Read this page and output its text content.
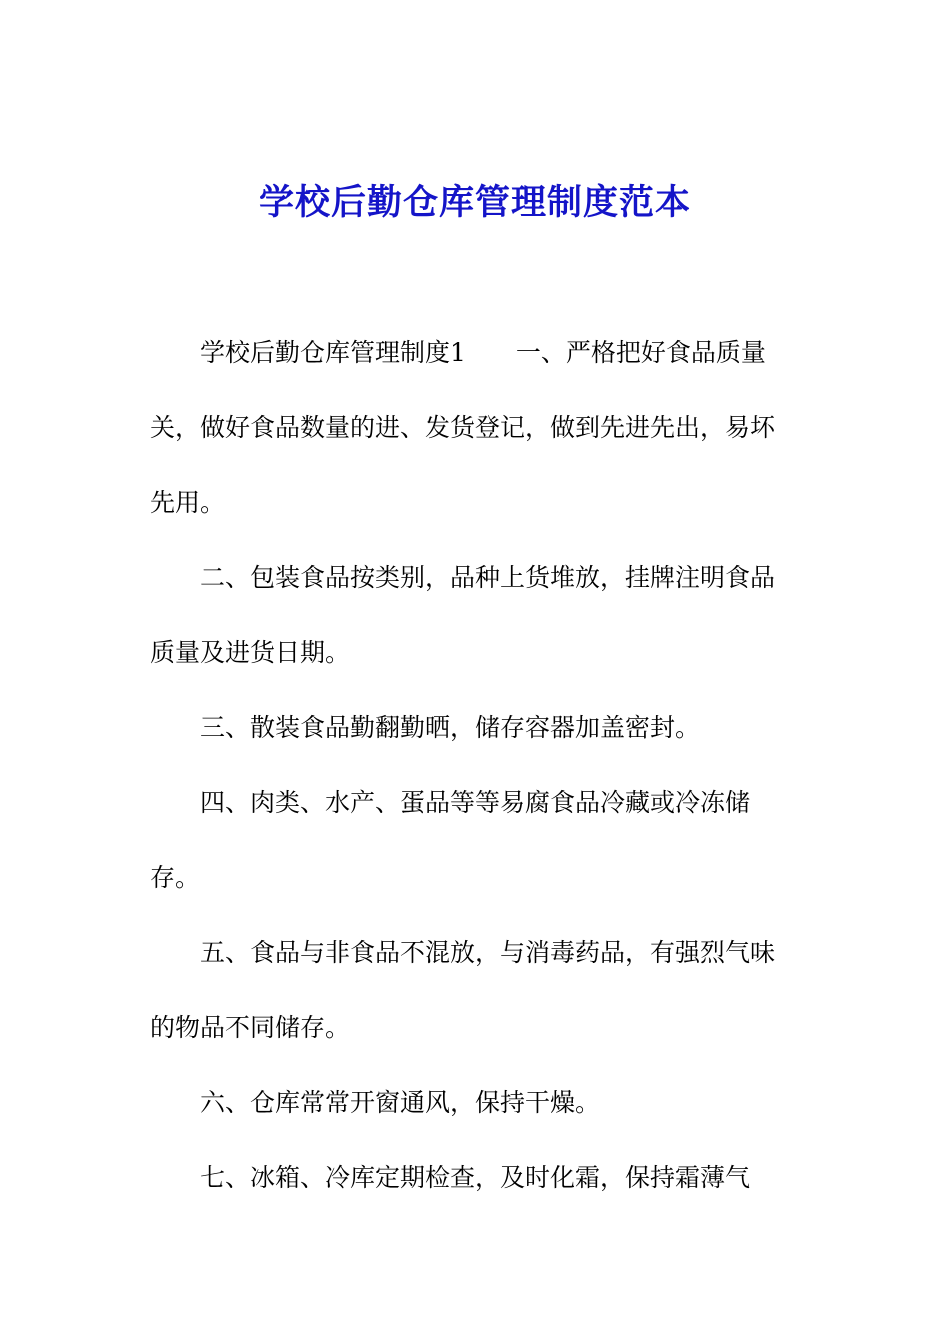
学校后勤仓库管理制度范本

学校后勤仓库管理制度1　　一、严格把好食品质量关，做好食品数量的进、发货登记，做到先进先出，易坏先用。

二、包装食品按类别，品种上货堆放，挂牌注明食品质量及进货日期。

三、散装食品勤翻勤晒，储存容器加盖密封。

四、肉类、水产、蛋品等等易腐食品冷藏或冷冻储存。

五、食品与非食品不混放，与消毒药品，有强烈气味的物品不同储存。

六、仓库常常开窗通风，保持干燥。

七、冰箱、冷库定期检查，及时化霜，保持霜薄气
